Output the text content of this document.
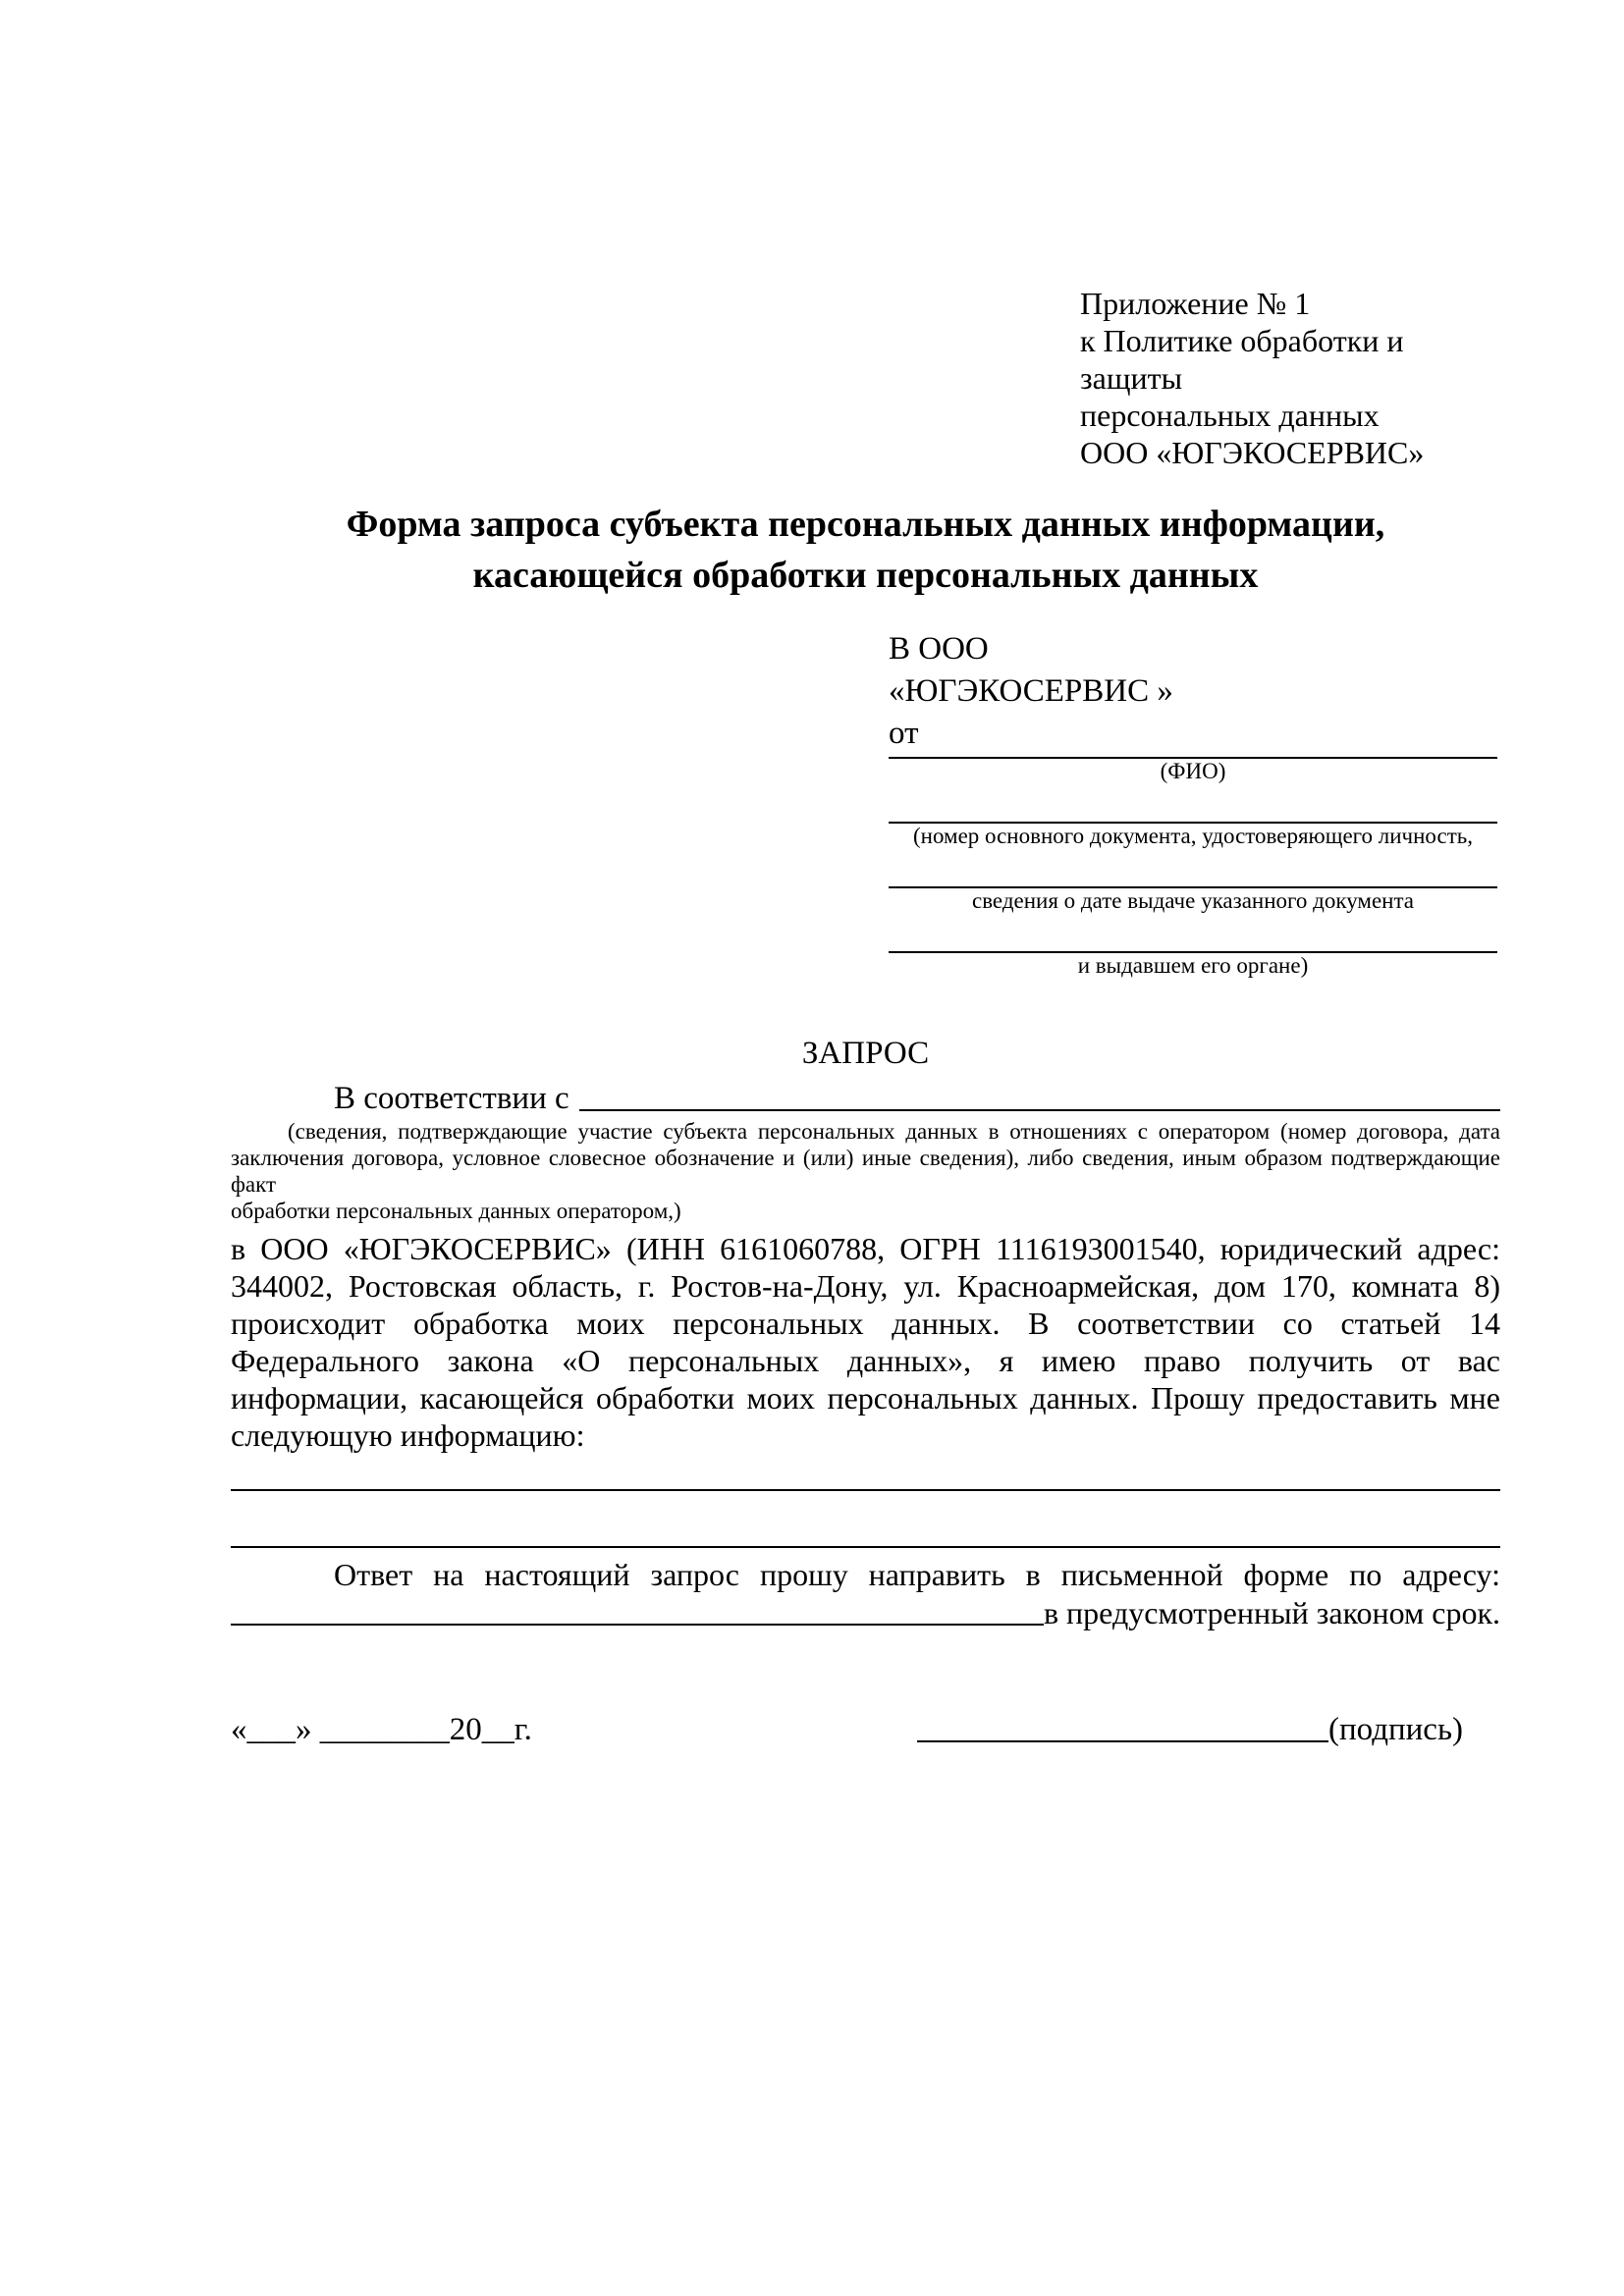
Приложение № 1
к Политике обработки и защиты
персональных данных
ООО «ЮГЭКОСЕРВИС»
Форма запроса субъекта персональных данных информации,
касающейся обработки персональных данных
В ООО
«ЮГЭКОСЕРВИС »
от
(ФИО)
(номер основного документа, удостоверяющего личность,
сведения о дате выдаче указанного документа
и выдавшем его органе)
ЗАПРОС
В соответствии с
(сведения, подтверждающие участие субъекта персональных данных в отношениях с оператором (номер договора, дата
заключения договора, условное словесное обозначение и (или) иные сведения), либо сведения, иным образом подтверждающие факт
обработки персональных данных оператором,)
в ООО «ЮГЭКОСЕРВИС» (ИНН 6161060788, ОГРН 1116193001540, юридический адрес:
344002, Ростовская область, г. Ростов-на-Дону, ул. Красноармейская, дом 170, комната 8)
происходит обработка моих персональных данных. В соответствии со статьей 14
Федерального закона «О персональных данных», я имею право получить от вас
информации, касающейся обработки моих персональных данных. Прошу предоставить мне
следующую информацию:
Ответ на настоящий запрос прошу направить в письменной форме по адресу:
в предусмотренный законом срок.
«___» ________20__г.	(подпись)
